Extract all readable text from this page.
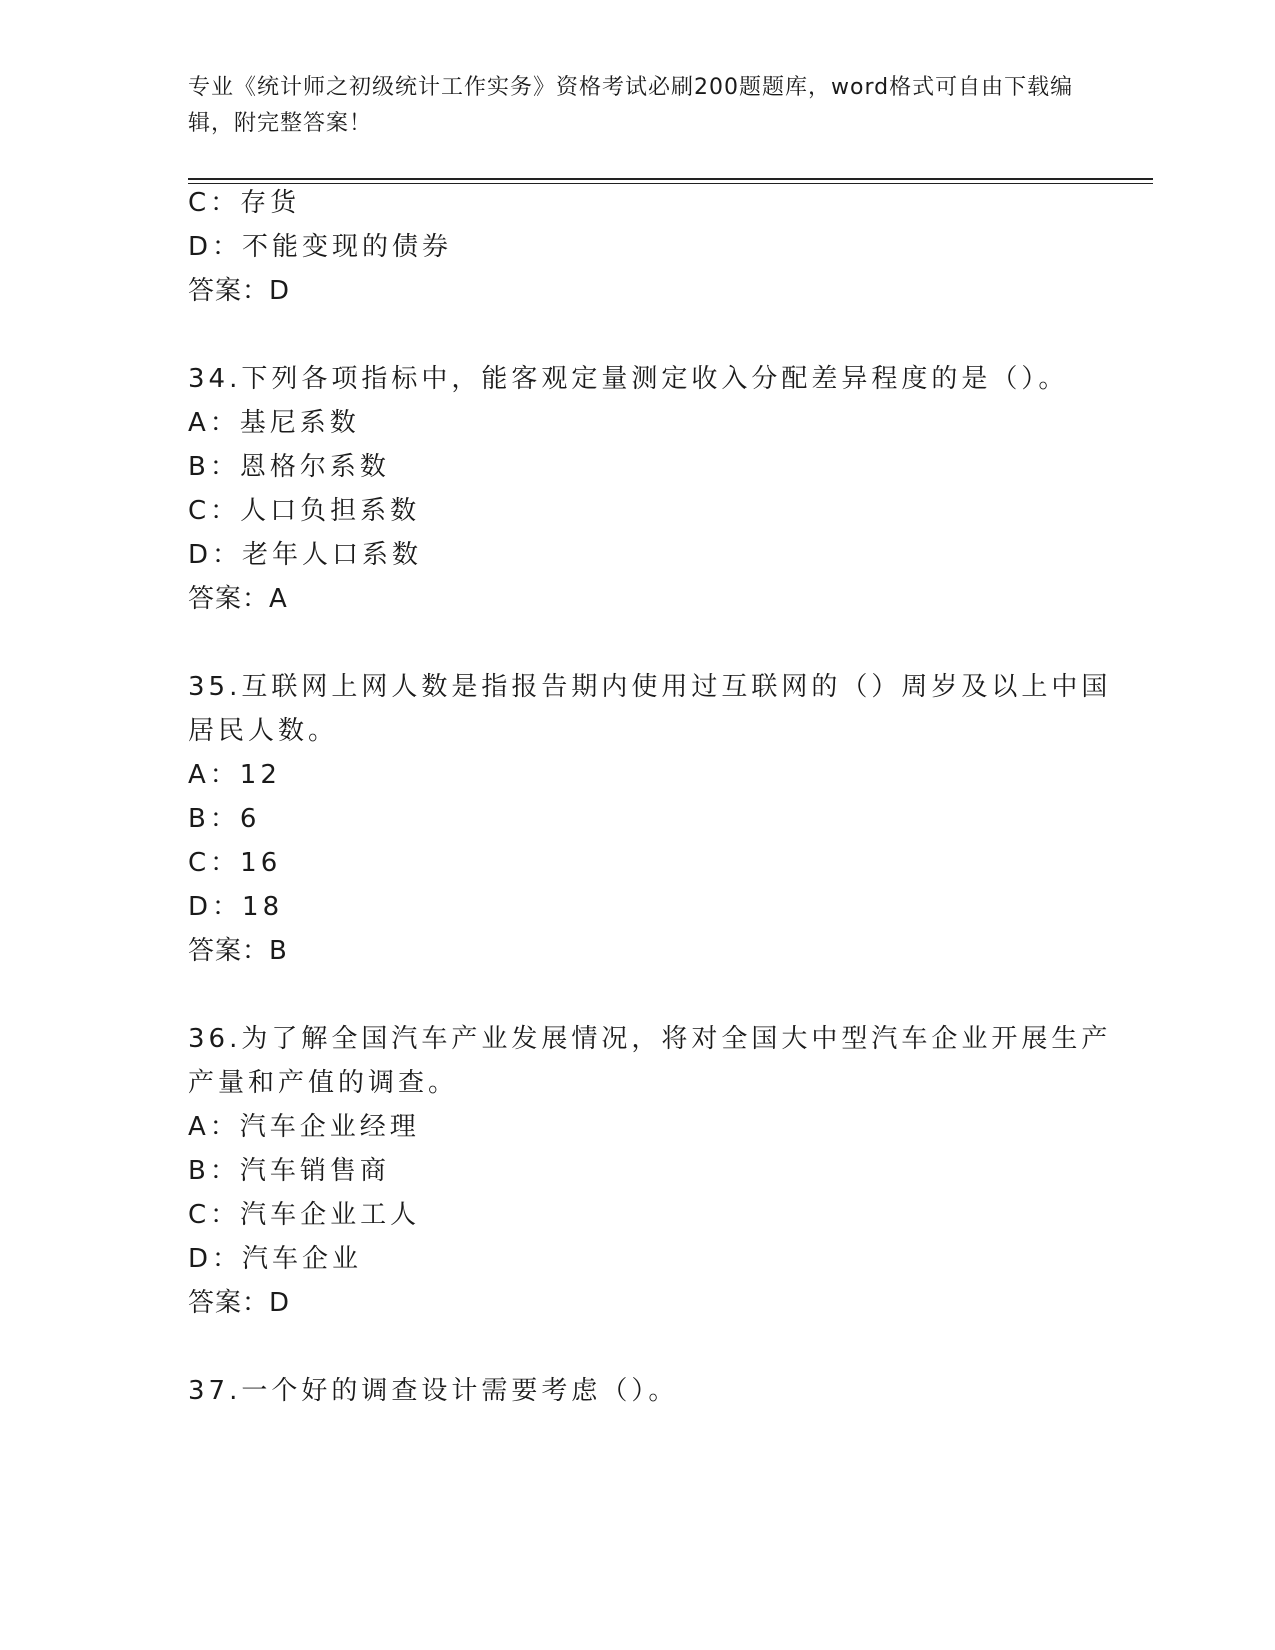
专业《统计师之初级统计工作实务》资格考试必刷200题题库，word格式可自由下载编辑，附完整答案！
C：存货
D：不能变现的债券
答案：D
34.下列各项指标中，能客观定量测定收入分配差异程度的是（）。
A：基尼系数
B：恩格尔系数
C：人口负担系数
D：老年人口系数
答案：A
35.互联网上网人数是指报告期内使用过互联网的（）周岁及以上中国
居民人数。
A：12
B：6
C：16
D：18
答案：B
36.为了解全国汽车产业发展情况，将对全国大中型汽车企业开展生产
产量和产值的调查。
A：汽车企业经理
B：汽车销售商
C：汽车企业工人
D：汽车企业
答案：D
37.一个好的调查设计需要考虑（）。
